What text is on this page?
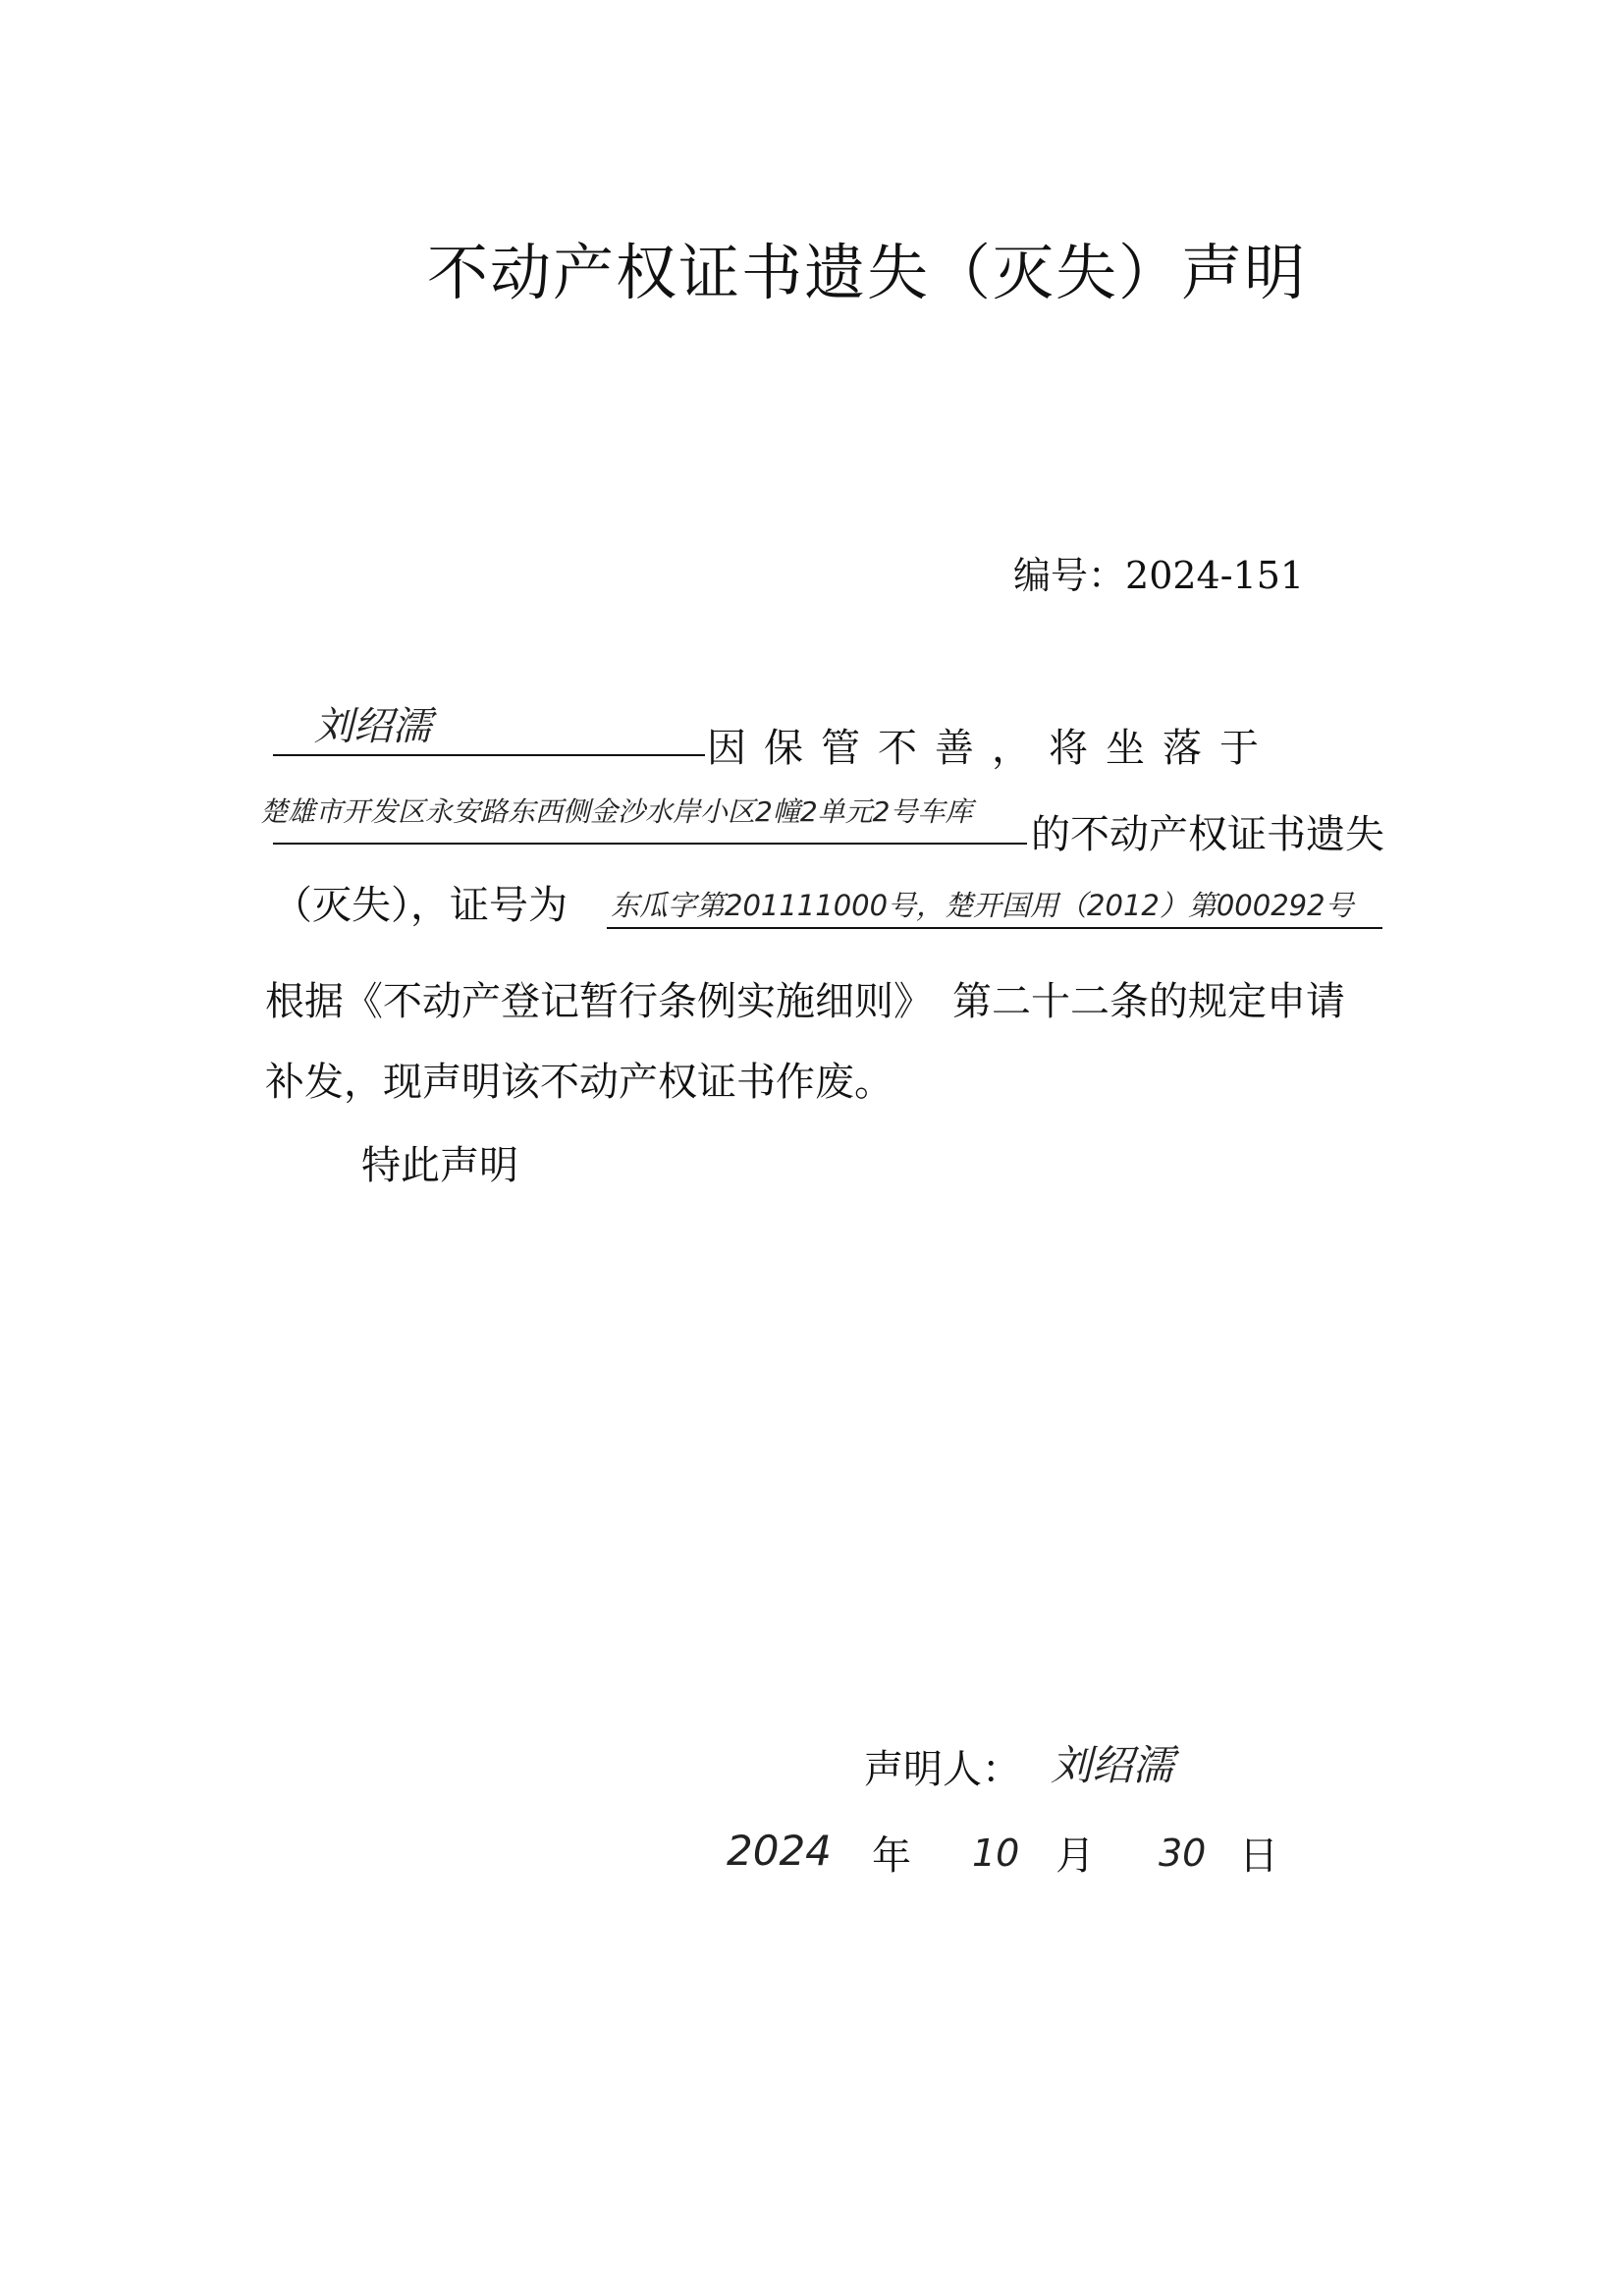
不动产权证书遗失（灭失）声明
编号：2024-151
刘绍濡	因保管不善，将坐落于
楚雄市开发区永安路东西侧金沙水岸小区2幢2单元2号车库
的不动产权证书遗失
（灭失），证号为 东瓜字第201111000号，楚开国用（2012）第000292号
根据《不动产登记暂行条例实施细则》　第二十二条的规定申请
补发，现声明该不动产权证书作废。
特此声明
声明人： 刘绍濡
2024 年 10 月 30 日
